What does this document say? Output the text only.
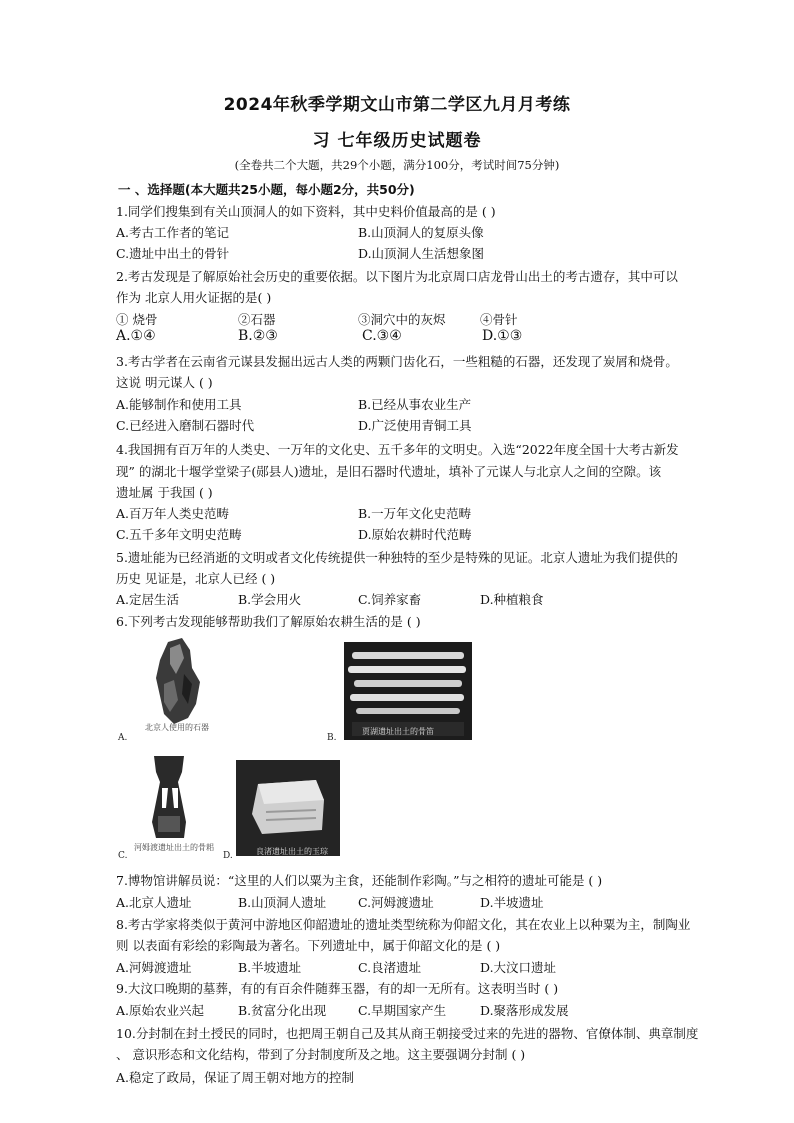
2024年秋季学期文山市第二学区九月月考练
习 七年级历史试题卷
(全卷共二个大题，共29个小题，满分100分，考试时间75分钟)
一 、选择题(本大题共25小题，每小题2分，共50分)
1.同学们搜集到有关山顶洞人的如下资料，其中史料价值最高的是 ( )
A.考古工作者的笔记	B.山顶洞人的复原头像
C.遗址中出土的骨针	D.山顶洞人生活想象图
2.考古发现是了解原始社会历史的重要依据。以下图片为北京周口店龙骨山出土的考古遗存，其中可以
作为 北京人用火证据的是( )
① 烧骨	②石器	③洞穴中的灰烬	④骨针
A.①④	B.②③	C.③④	D.①③
3.考古学者在云南省元谋县发掘出远古人类的两颗门齿化石，一些粗糙的石器，还发现了炭屑和烧骨。
这说 明元谋人 ( )
A.能够制作和使用工具	B.已经从事农业生产
C.已经进入磨制石器时代	D.广泛使用青铜工具
4.我国拥有百万年的人类史、一万年的文化史、五千多年的文明史。入选“2022年度全国十大考古新发
现” 的湖北十堰学堂梁子(郧县人)遗址，是旧石器时代遗址，填补了元谋人与北京人之间的空隙。该
遗址属 于我国 ( )
A.百万年人类史范畴	B.一万年文化史范畴
C.五千多年文明史范畴	D.原始农耕时代范畴
5.遗址能为已经消逝的文明或者文化传统提供一种独特的至少是特殊的见证。北京人遗址为我们提供的
历史 见证是，北京人已经 ( )
A.定居生活	B.学会用火	C.饲养家畜	D.种植粮食
6.下列考古发现能够帮助我们了解原始农耕生活的是 ( )
北京人使用的石器
A.
贾湖遗址出土的骨笛
B.
河姆渡遗址出土的骨耜
C.	良渚遗址出土的玉琮
D.
7.博物馆讲解员说：“这里的人们以粟为主食，还能制作彩陶。”与之相符的遗址可能是 ( )
A.北京人遗址	B.山顶洞人遗址	C.河姆渡遗址	D.半坡遗址
8.考古学家将类似于黄河中游地区仰韶遗址的遗址类型统称为仰韶文化，其在农业上以种粟为主，制陶业
则 以表面有彩绘的彩陶最为著名。下列遗址中，属于仰韶文化的是 ( )
A.河姆渡遗址	B.半坡遗址	C.良渚遗址	D.大汶口遗址
9.大汶口晚期的墓葬，有的有百余件随葬玉器，有的却一无所有。这表明当时 ( )
A.原始农业兴起	B.贫富分化出现	C.早期国家产生	D.聚落形成发展
10.分封制在封土授民的同时，也把周王朝自己及其从商王朝接受过来的先进的器物、官僚体制、典章制度
、 意识形态和文化结构，带到了分封制度所及之地。这主要强调分封制 ( )
A.稳定了政局，保证了周王朝对地方的控制
